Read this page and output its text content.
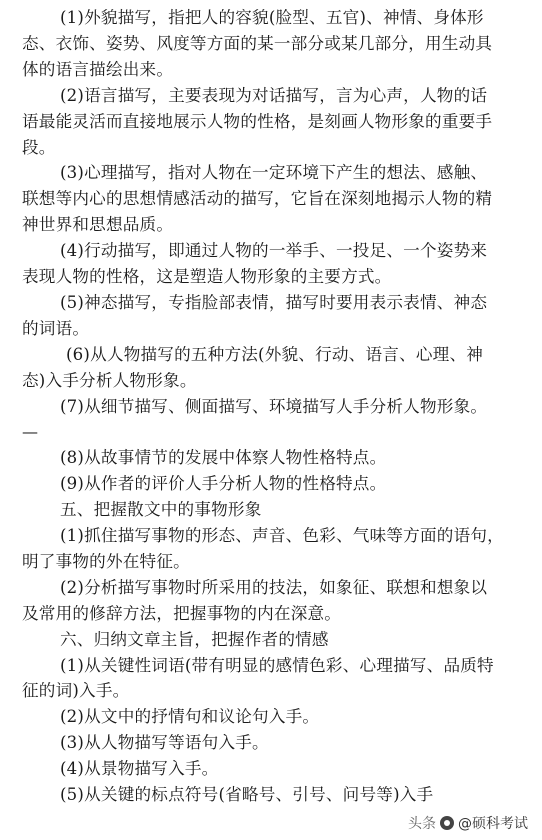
(1)外貌描写，指把人的容貌(脸型、五官)、神情、身体形
态、衣饰、姿势、风度等方面的某一部分或某几部分，用生动具
体的语言描绘出来。
(2)语言描写，主要表现为对话描写，言为心声，人物的话
语最能灵活而直接地展示人物的性格，是刻画人物形象的重要手
段。
(3)心理描写，指对人物在一定环境下产生的想法、感触、
联想等内心的思想情感活动的描写，它旨在深刻地揭示人物的精
神世界和思想品质。
(4)行动描写，即通过人物的一举手、一投足、一个姿势来
表现人物的性格，这是塑造人物形象的主要方式。
(5)神态描写，专指脸部表情，描写时要用表示表情、神态
的词语。
(6)从人物描写的五种方法(外貌、行动、语言、心理、神
态)入手分析人物形象。
(7)从细节描写、侧面描写、环境描写人手分析人物形象。
—
(8)从故事情节的发展中体察人物性格特点。
(9)从作者的评价人手分析人物的性格特点。
五、把握散文中的事物形象
(1)抓住描写事物的形态、声音、色彩、气味等方面的语句，
明了事物的外在特征。
(2)分析描写事物时所采用的技法，如象征、联想和想象以
及常用的修辞方法，把握事物的内在深意。
六、归纳文章主旨，把握作者的情感
(1)从关键性词语(带有明显的感情色彩、心理描写、品质特
征的词)入手。
(2)从文中的抒情句和议论句入手。
(3)从人物描写等语句入手。
(4)从景物描写入手。
(5)从关键的标点符号(省略号、引号、问号等)入手
头条 @硕科考试
